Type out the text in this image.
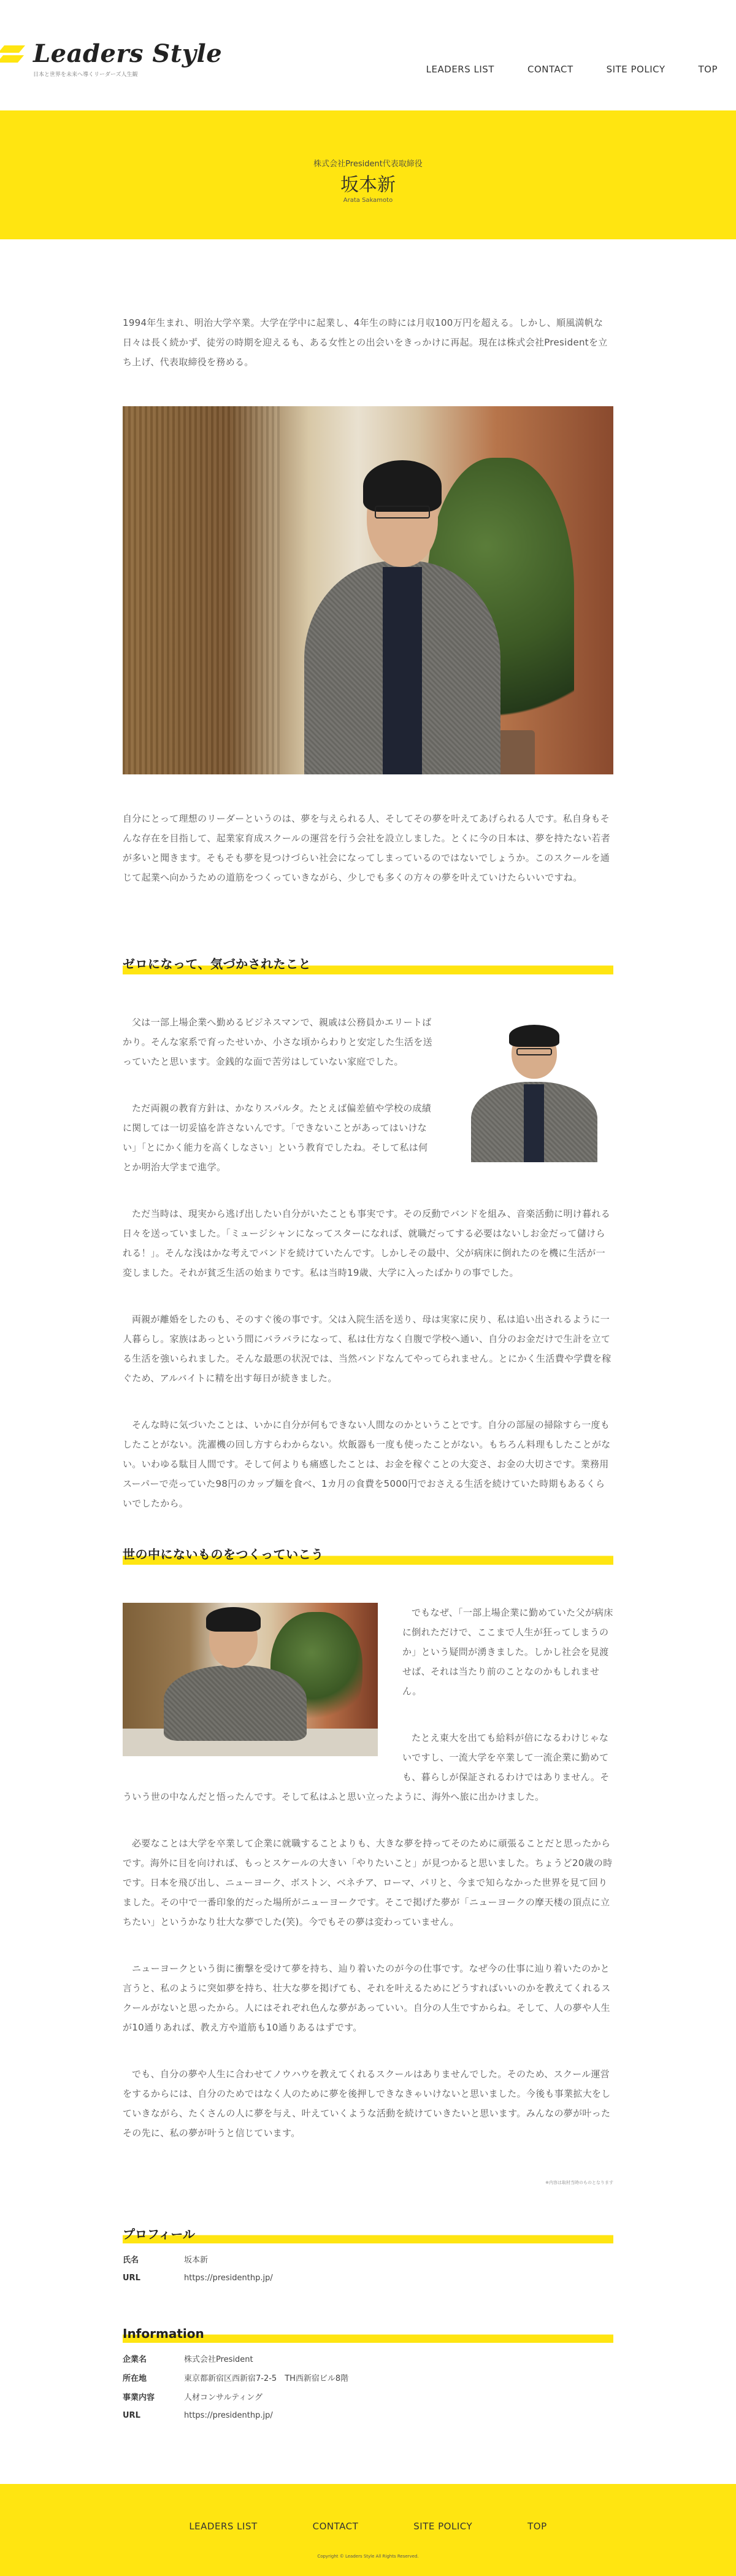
Leaders Style
日本と世界を未来へ導くリーダーズ人生観	LEADERS LIST	CONTACT	SITE POLICY	TOP
株式会社President代表取締役
坂本新
Arata Sakamoto

1994年生まれ、明治大学卒業。大学在学中に起業し、4年生の時には月収100万円を超える。しかし、順風満帆な日々は長く続かず、徒労の時期を迎えるも、ある女性との出会いをきっかけに再起。現在は株式会社Presidentを立ち上げ、代表取締役を務める。

自分にとって理想のリーダーというのは、夢を与えられる人、そしてその夢を叶えてあげられる人です。私自身もそんな存在を目指して、起業家育成スクールの運営を行う会社を設立しました。とくに今の日本は、夢を持たない若者が多いと聞きます。そもそも夢を見つけづらい社会になってしまっているのではないでしょうか。このスクールを通じて起業へ向かうための道筋をつくっていきながら、少しでも多くの方々の夢を叶えていけたらいいですね。

ゼロになって、気づかされたこと

父は一部上場企業へ勤めるビジネスマンで、親戚は公務員かエリートばかり。そんな家系で育ったせいか、小さな頃からわりと安定した生活を送っていたと思います。金銭的な面で苦労はしていない家庭でした。

ただ両親の教育方針は、かなりスパルタ。たとえば偏差値や学校の成績に関しては一切妥協を許さないんです。「できないことがあってはいけない」「とにかく能力を高くしなさい」という教育でしたね。そして私は何とか明治大学まで進学。

ただ当時は、現実から逃げ出したい自分がいたことも事実です。その反動でバンドを組み、音楽活動に明け暮れる日々を送っていました。「ミュージシャンになってスターになれば、就職だってする必要はないしお金だって儲けられる！」。そんな浅はかな考えでバンドを続けていたんです。しかしその最中、父が病床に倒れたのを機に生活が一変しました。それが貧乏生活の始まりです。私は当時19歳、大学に入ったばかりの事でした。

両親が離婚をしたのも、そのすぐ後の事です。父は入院生活を送り、母は実家に戻り、私は追い出されるように一人暮らし。家族はあっという間にバラバラになって、私は仕方なく自腹で学校へ通い、自分のお金だけで生計を立てる生活を強いられました。そんな最悪の状況では、当然バンドなんてやってられません。とにかく生活費や学費を稼ぐため、アルバイトに精を出す毎日が続きました。

そんな時に気づいたことは、いかに自分が何もできない人間なのかということです。自分の部屋の掃除すら一度もしたことがない。洗濯機の回し方すらわからない。炊飯器も一度も使ったことがない。もちろん料理もしたことがない。いわゆる駄目人間です。そして何よりも痛感したことは、お金を稼ぐことの大変さ、お金の大切さです。業務用スーパーで売っていた98円のカップ麺を食べ、1カ月の食費を5000円でおさえる生活を続けていた時期もあるくらいでしたから。

世の中にないものをつくっていこう

でもなぜ、「一部上場企業に勤めていた父が病床に倒れただけで、ここまで人生が狂ってしまうのか」という疑問が湧きました。しかし社会を見渡せば、それは当たり前のことなのかもしれません。

たとえ東大を出ても給料が倍になるわけじゃないですし、一流大学を卒業して一流企業に勤めても、暮らしが保証されるわけではありません。そういう世の中なんだと悟ったんです。そして私はふと思い立ったように、海外へ旅に出かけました。

必要なことは大学を卒業して企業に就職することよりも、大きな夢を持ってそのために頑張ることだと思ったからです。海外に目を向ければ、もっとスケールの大きい「やりたいこと」が見つかると思いました。ちょうど20歳の時です。日本を飛び出し、ニューヨーク、ボストン、ベネチア、ローマ、パリと、今まで知らなかった世界を見て回りました。その中で一番印象的だった場所がニューヨークです。そこで掲げた夢が「ニューヨークの摩天楼の頂点に立ちたい」というかなり壮大な夢でした(笑)。今でもその夢は変わっていません。

ニューヨークという街に衝撃を受けて夢を持ち、辿り着いたのが今の仕事です。なぜ今の仕事に辿り着いたのかと言うと、私のように突如夢を持ち、壮大な夢を掲げても、それを叶えるためにどうすればいいのかを教えてくれるスクールがないと思ったから。人にはそれぞれ色んな夢があっていい。自分の人生ですからね。そして、人の夢や人生が10通りあれば、教え方や道筋も10通りあるはずです。

でも、自分の夢や人生に合わせてノウハウを教えてくれるスクールはありませんでした。そのため、スクール運営をするからには、自分のためではなく人のために夢を後押しできなきゃいけないと思いました。今後も事業拡大をしていきながら、たくさんの人に夢を与え、叶えていくような活動を続けていきたいと思います。みんなの夢が叶ったその先に、私の夢が叶うと信じています。

※内容は取材当時のものとなります
プロフィール
氏名	坂本新
URL	https://presidenthp.jp/
Information
企業名	株式会社President
所在地	東京都新宿区西新宿7-2-5　TH西新宿ビル8階
事業内容	人材コンサルティング
URL	https://presidenthp.jp/
LEADERS LIST	CONTACT	SITE POLICY	TOP
Copyright © Leaders Style All Rights Reserved.
